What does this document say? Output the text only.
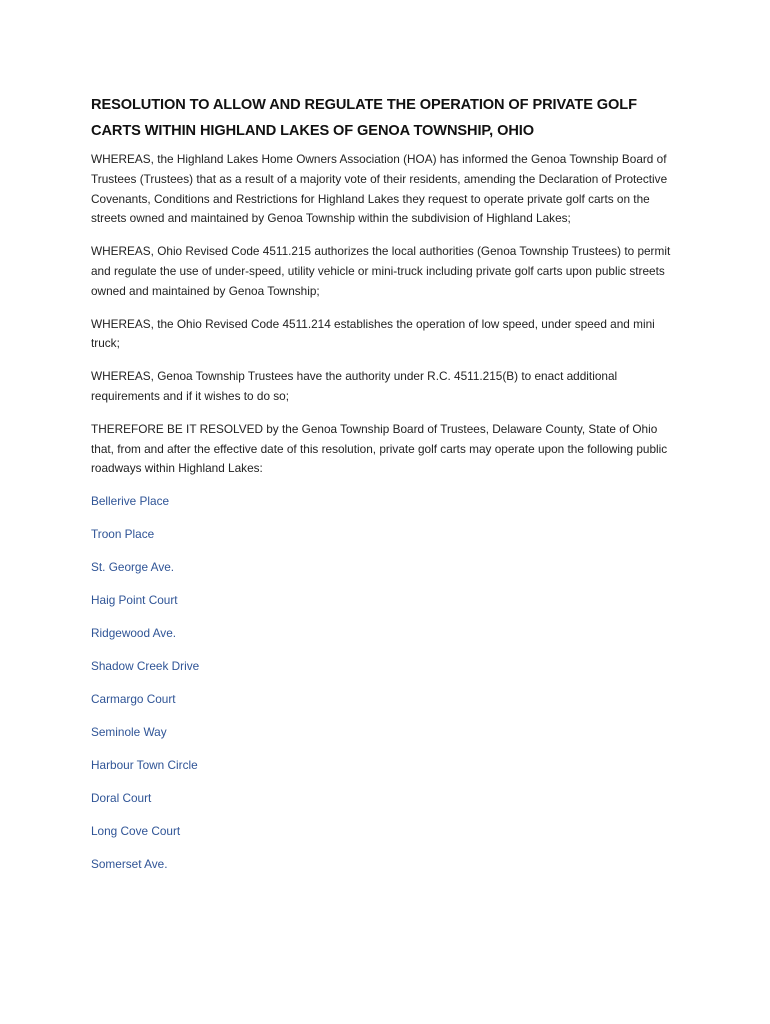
RESOLUTION TO ALLOW AND REGULATE THE OPERATION OF PRIVATE GOLF CARTS WITHIN HIGHLAND LAKES OF GENOA TOWNSHIP, OHIO

WHEREAS, the Highland Lakes Home Owners Association (HOA) has informed the Genoa Township Board of Trustees (Trustees) that as a result of a majority vote of their residents, amending the Declaration of Protective Covenants, Conditions and Restrictions for Highland Lakes they request to operate private golf carts on the streets owned and maintained by Genoa Township within the subdivision of Highland Lakes;

WHEREAS, Ohio Revised Code 4511.215 authorizes the local authorities (Genoa Township Trustees) to permit and regulate the use of under-speed, utility vehicle or mini-truck including private golf carts upon public streets owned and maintained by Genoa Township;

WHEREAS, the Ohio Revised Code 4511.214 establishes the operation of low speed, under speed and mini truck;

WHEREAS, Genoa Township Trustees have the authority under R.C. 4511.215(B) to enact additional requirements and if it wishes to do so;

THEREFORE BE IT RESOLVED by the Genoa Township Board of Trustees, Delaware County, State of Ohio that, from and after the effective date of this resolution, private golf carts may operate upon the following public roadways within Highland Lakes:

Bellerive Place
Troon Place
St. George Ave.
Haig Point Court
Ridgewood Ave.
Shadow Creek Drive
Carmargo Court
Seminole Way
Harbour Town Circle
Doral Court
Long Cove Court
Somerset Ave.
